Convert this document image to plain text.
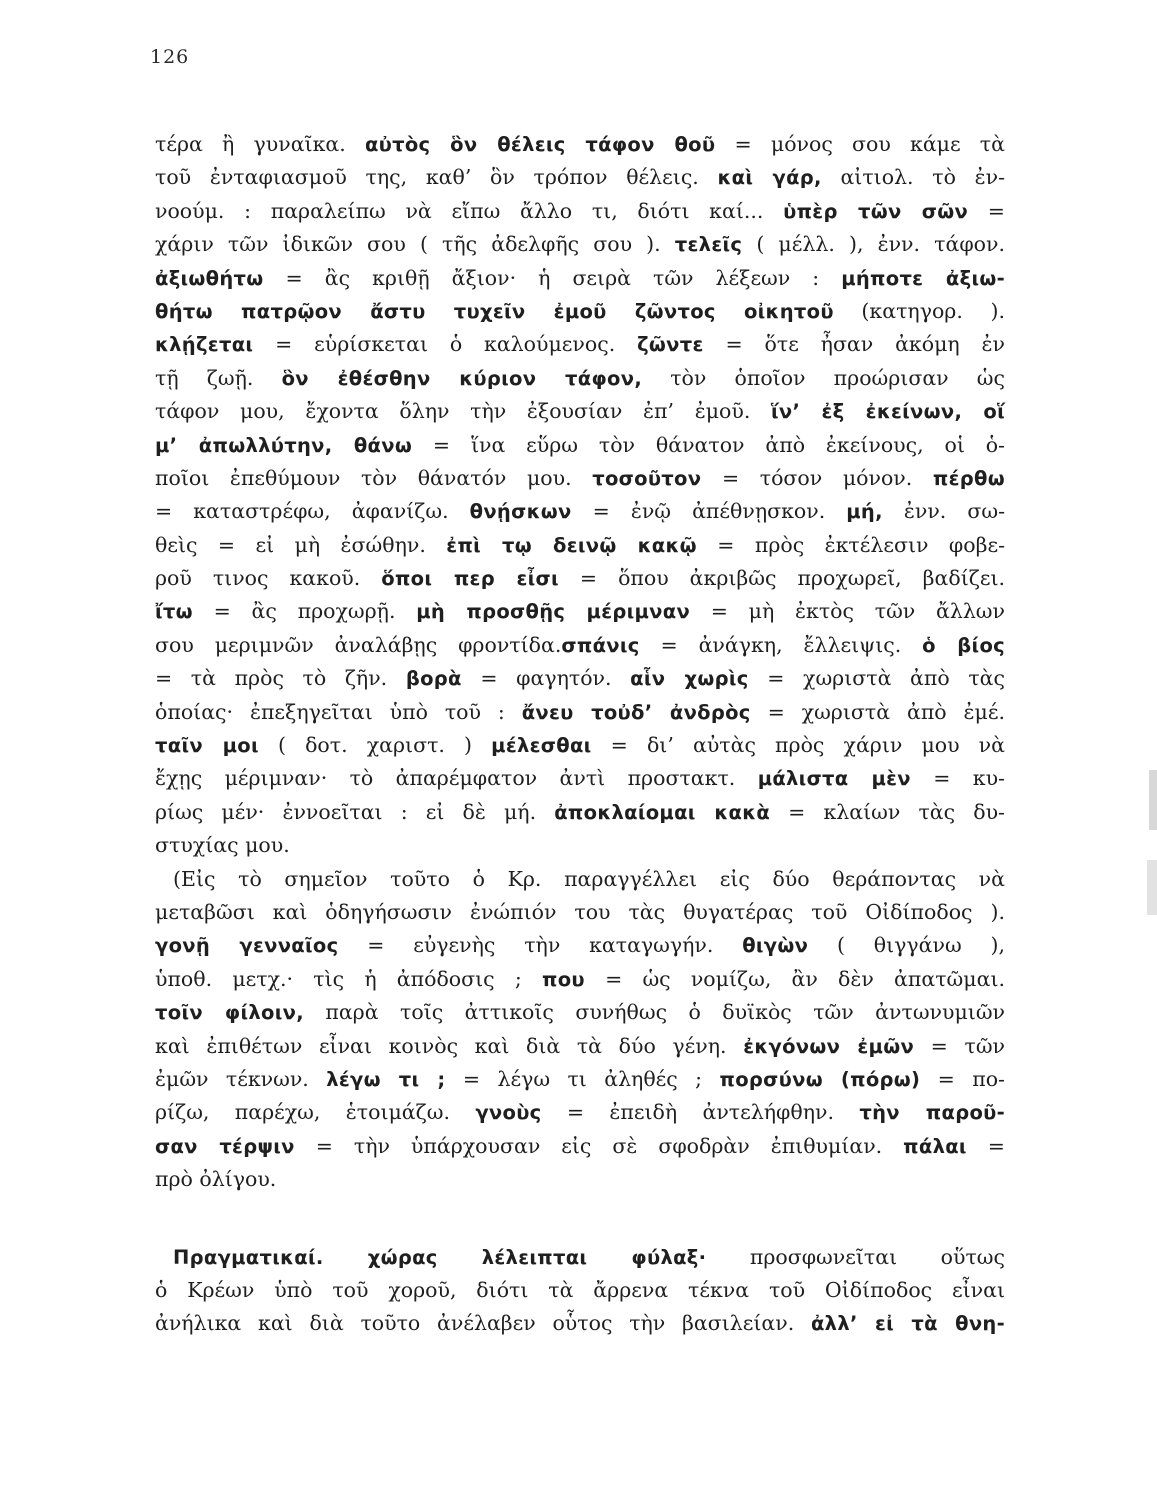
126
τέρα ἢ γυναῖκα. αὐτὸς ὃν θέλεις τάφον θοῦ = μόνος σου κάμε τὰ
τοῦ ἐνταφιασμοῦ της, καθ’ ὃν τρόπον θέλεις. καὶ γάρ, αἰτιολ. τὸ ἐν-
νοούμ. : παραλείπω νὰ εἴπω ἄλλο τι, διότι καί... ὑπὲρ τῶν σῶν =
χάριν τῶν ἰδικῶν σου ( τῆς ἀδελφῆς σου ). τελεῖς ( μέλλ. ), ἐνν. τάφον.
ἀξιωθήτω = ἂς κριθῇ ἄξιον· ἡ σειρὰ τῶν λέξεων : μήποτε ἀξιω-
θήτω πατρῷον ἄστυ τυχεῖν ἐμοῦ ζῶντος οἰκητοῦ (κατηγορ. ).
κλῄζεται = εὑρίσκεται ὁ καλούμενος. ζῶντε = ὅτε ἦσαν ἀκόμη ἐν
τῇ ζωῇ. ὃν ἐθέσθην κύριον τάφον, τὸν ὁποῖον προώρισαν ὡς
τάφον μου, ἔχοντα ὅλην τὴν ἐξουσίαν ἐπ’ ἐμοῦ. ἵν’ ἐξ ἐκείνων, οἵ
μ’ ἀπωλλύτην, θάνω = ἵνα εὕρω τὸν θάνατον ἀπὸ ἐκείνους, οἱ ὁ-
ποῖοι ἐπεθύμουν τὸν θάνατόν μου. τοσοῦτον = τόσον μόνον. πέρθω
= καταστρέφω, ἀφανίζω. θνῄσκων = ἐνῷ ἀπέθνῃσκον. μή, ἐνν. σω-
θεὶς = εἰ μὴ ἐσώθην. ἐπὶ τῳ δεινῷ κακῷ = πρὸς ἐκτέλεσιν φοβε-
ροῦ τινος κακοῦ. ὅποι περ εἶσι = ὅπου ἀκριβῶς προχωρεῖ, βαδίζει.
ἴτω = ἂς προχωρῇ. μὴ προσθῇς μέριμναν = μὴ ἐκτὸς τῶν ἄλλων
σου μεριμνῶν ἀναλάβῃς φροντίδα.σπάνις = ἀνάγκη, ἔλλειψις. ὁ βίος
= τὰ πρὸς τὸ ζῆν. βορὰ = φαγητόν. αἷν χωρὶς = χωριστὰ ἀπὸ τὰς
ὁποίας· ἐπεξηγεῖται ὑπὸ τοῦ : ἄνευ τοὐδ’ ἀνδρὸς = χωριστὰ ἀπὸ ἐμέ.
ταῖν μοι ( δοτ. χαριστ. ) μέλεσθαι = δι’ αὐτὰς πρὸς χάριν μου νὰ
ἔχῃς μέριμναν· τὸ ἀπαρέμφατον ἀντὶ προστακτ. μάλιστα μὲν = κυ-
ρίως μέν· ἐννοεῖται : εἰ δὲ μή. ἀποκλαίομαι κακὰ = κλαίων τὰς δυ-
στυχίας μου.
(Εἰς τὸ σημεῖον τοῦτο ὁ Κρ. παραγγέλλει εἰς δύο θεράποντας νὰ
μεταβῶσι καὶ ὁδηγήσωσιν ἐνώπιόν του τὰς θυγατέρας τοῦ Οἰδίποδος ).
γονῇ γενναῖος = εὐγενὴς τὴν καταγωγήν. θιγὼν ( θιγγάνω ),
ὑποθ. μετχ.· τὶς ἡ ἀπόδοσις ; που = ὡς νομίζω, ἂν δὲν ἀπατῶμαι.
τοῖν φίλοιν, παρὰ τοῖς ἀττικοῖς συνήθως ὁ δυϊκὸς τῶν ἀντωνυμιῶν
καὶ ἐπιθέτων εἶναι κοινὸς καὶ διὰ τὰ δύο γένη. ἐκγόνων ἐμῶν = τῶν
ἐμῶν τέκνων. λέγω τι ; = λέγω τι ἀληθές ; πορσύνω (πόρω) = πο-
ρίζω, παρέχω, ἑτοιμάζω. γνοὺς = ἐπειδὴ ἀντελήφθην. τὴν παροῦ-
σαν τέρψιν = τὴν ὑπάρχουσαν εἰς σὲ σφοδρὰν ἐπιθυμίαν. πάλαι =
πρὸ ὀλίγου.
Πραγματικαί. χώρας λέλειπται φύλαξ· προσφωνεῖται οὕτως
ὁ Κρέων ὑπὸ τοῦ χοροῦ, διότι τὰ ἄρρενα τέκνα τοῦ Οἰδίποδος εἶναι
ἀνήλικα καὶ διὰ τοῦτο ἀνέλαβεν οὗτος τὴν βασιλείαν. ἀλλ’ εἰ τὰ θνη-
